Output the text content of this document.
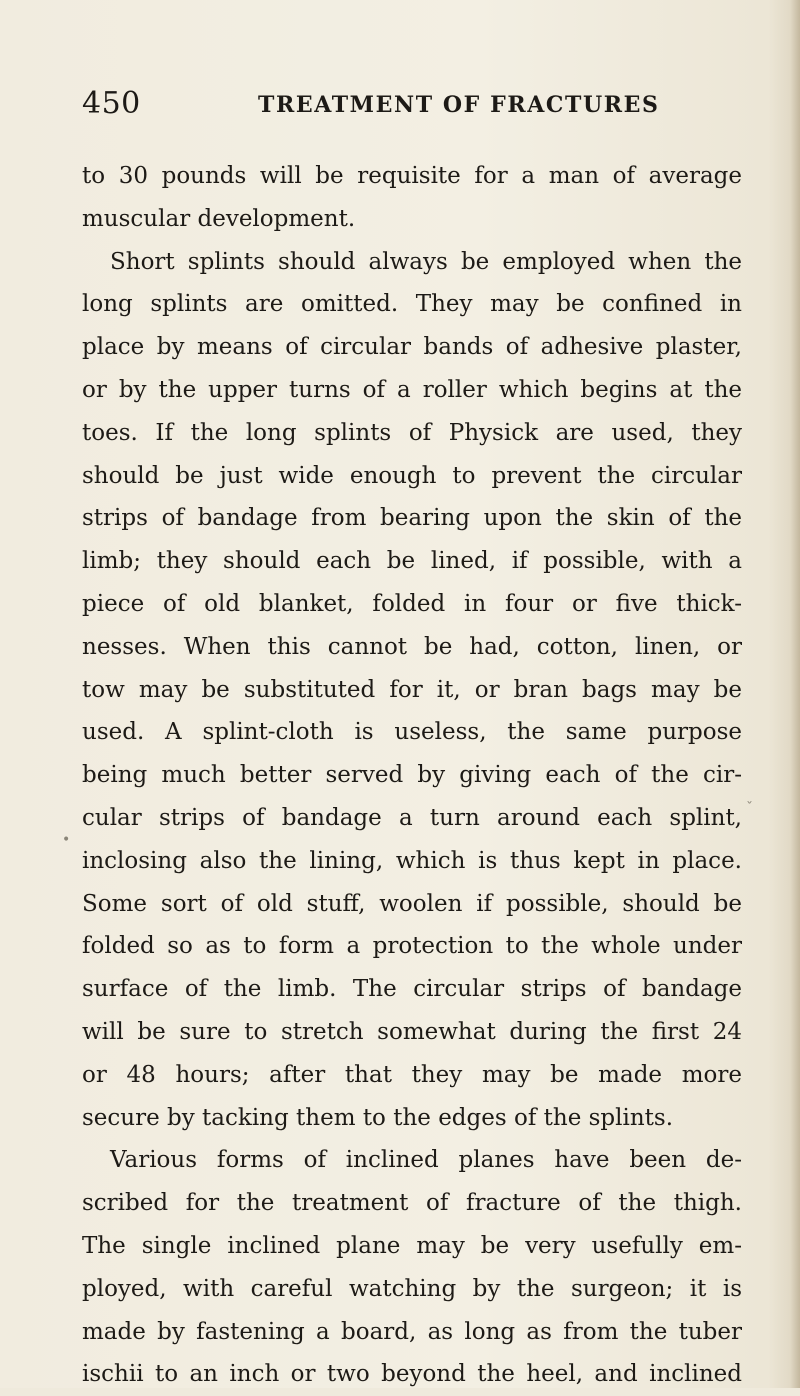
450	TREATMENT OF FRACTURES
to 30 pounds will be requisite for a man of average
muscular development.
Short splints should always be employed when the
long splints are omitted. They may be confined in
place by means of circular bands of adhesive plaster,
or by the upper turns of a roller which begins at the
toes. If the long splints of Physick are used, they
should be just wide enough to prevent the circular
strips of bandage from bearing upon the skin of the
limb; they should each be lined, if possible, with a
piece of old blanket, folded in four or five thick-
nesses. When this cannot be had, cotton, linen, or
tow may be substituted for it, or bran bags may be
used. A splint-cloth is useless, the same purpose
being much better served by giving each of the cir-
cular strips of bandage a turn around each splint,
inclosing also the lining, which is thus kept in place.
Some sort of old stuff, woolen if possible, should be
folded so as to form a protection to the whole under
surface of the limb. The circular strips of bandage
will be sure to stretch somewhat during the first 24
or 48 hours; after that they may be made more
secure by tacking them to the edges of the splints.
Various forms of inclined planes have been de-
scribed for the treatment of fracture of the thigh.
The single inclined plane may be very usefully em-
ployed, with careful watching by the surgeon; it is
made by fastening a board, as long as from the tuber
ischii to an inch or two beyond the heel, and inclined
ˇ
•
